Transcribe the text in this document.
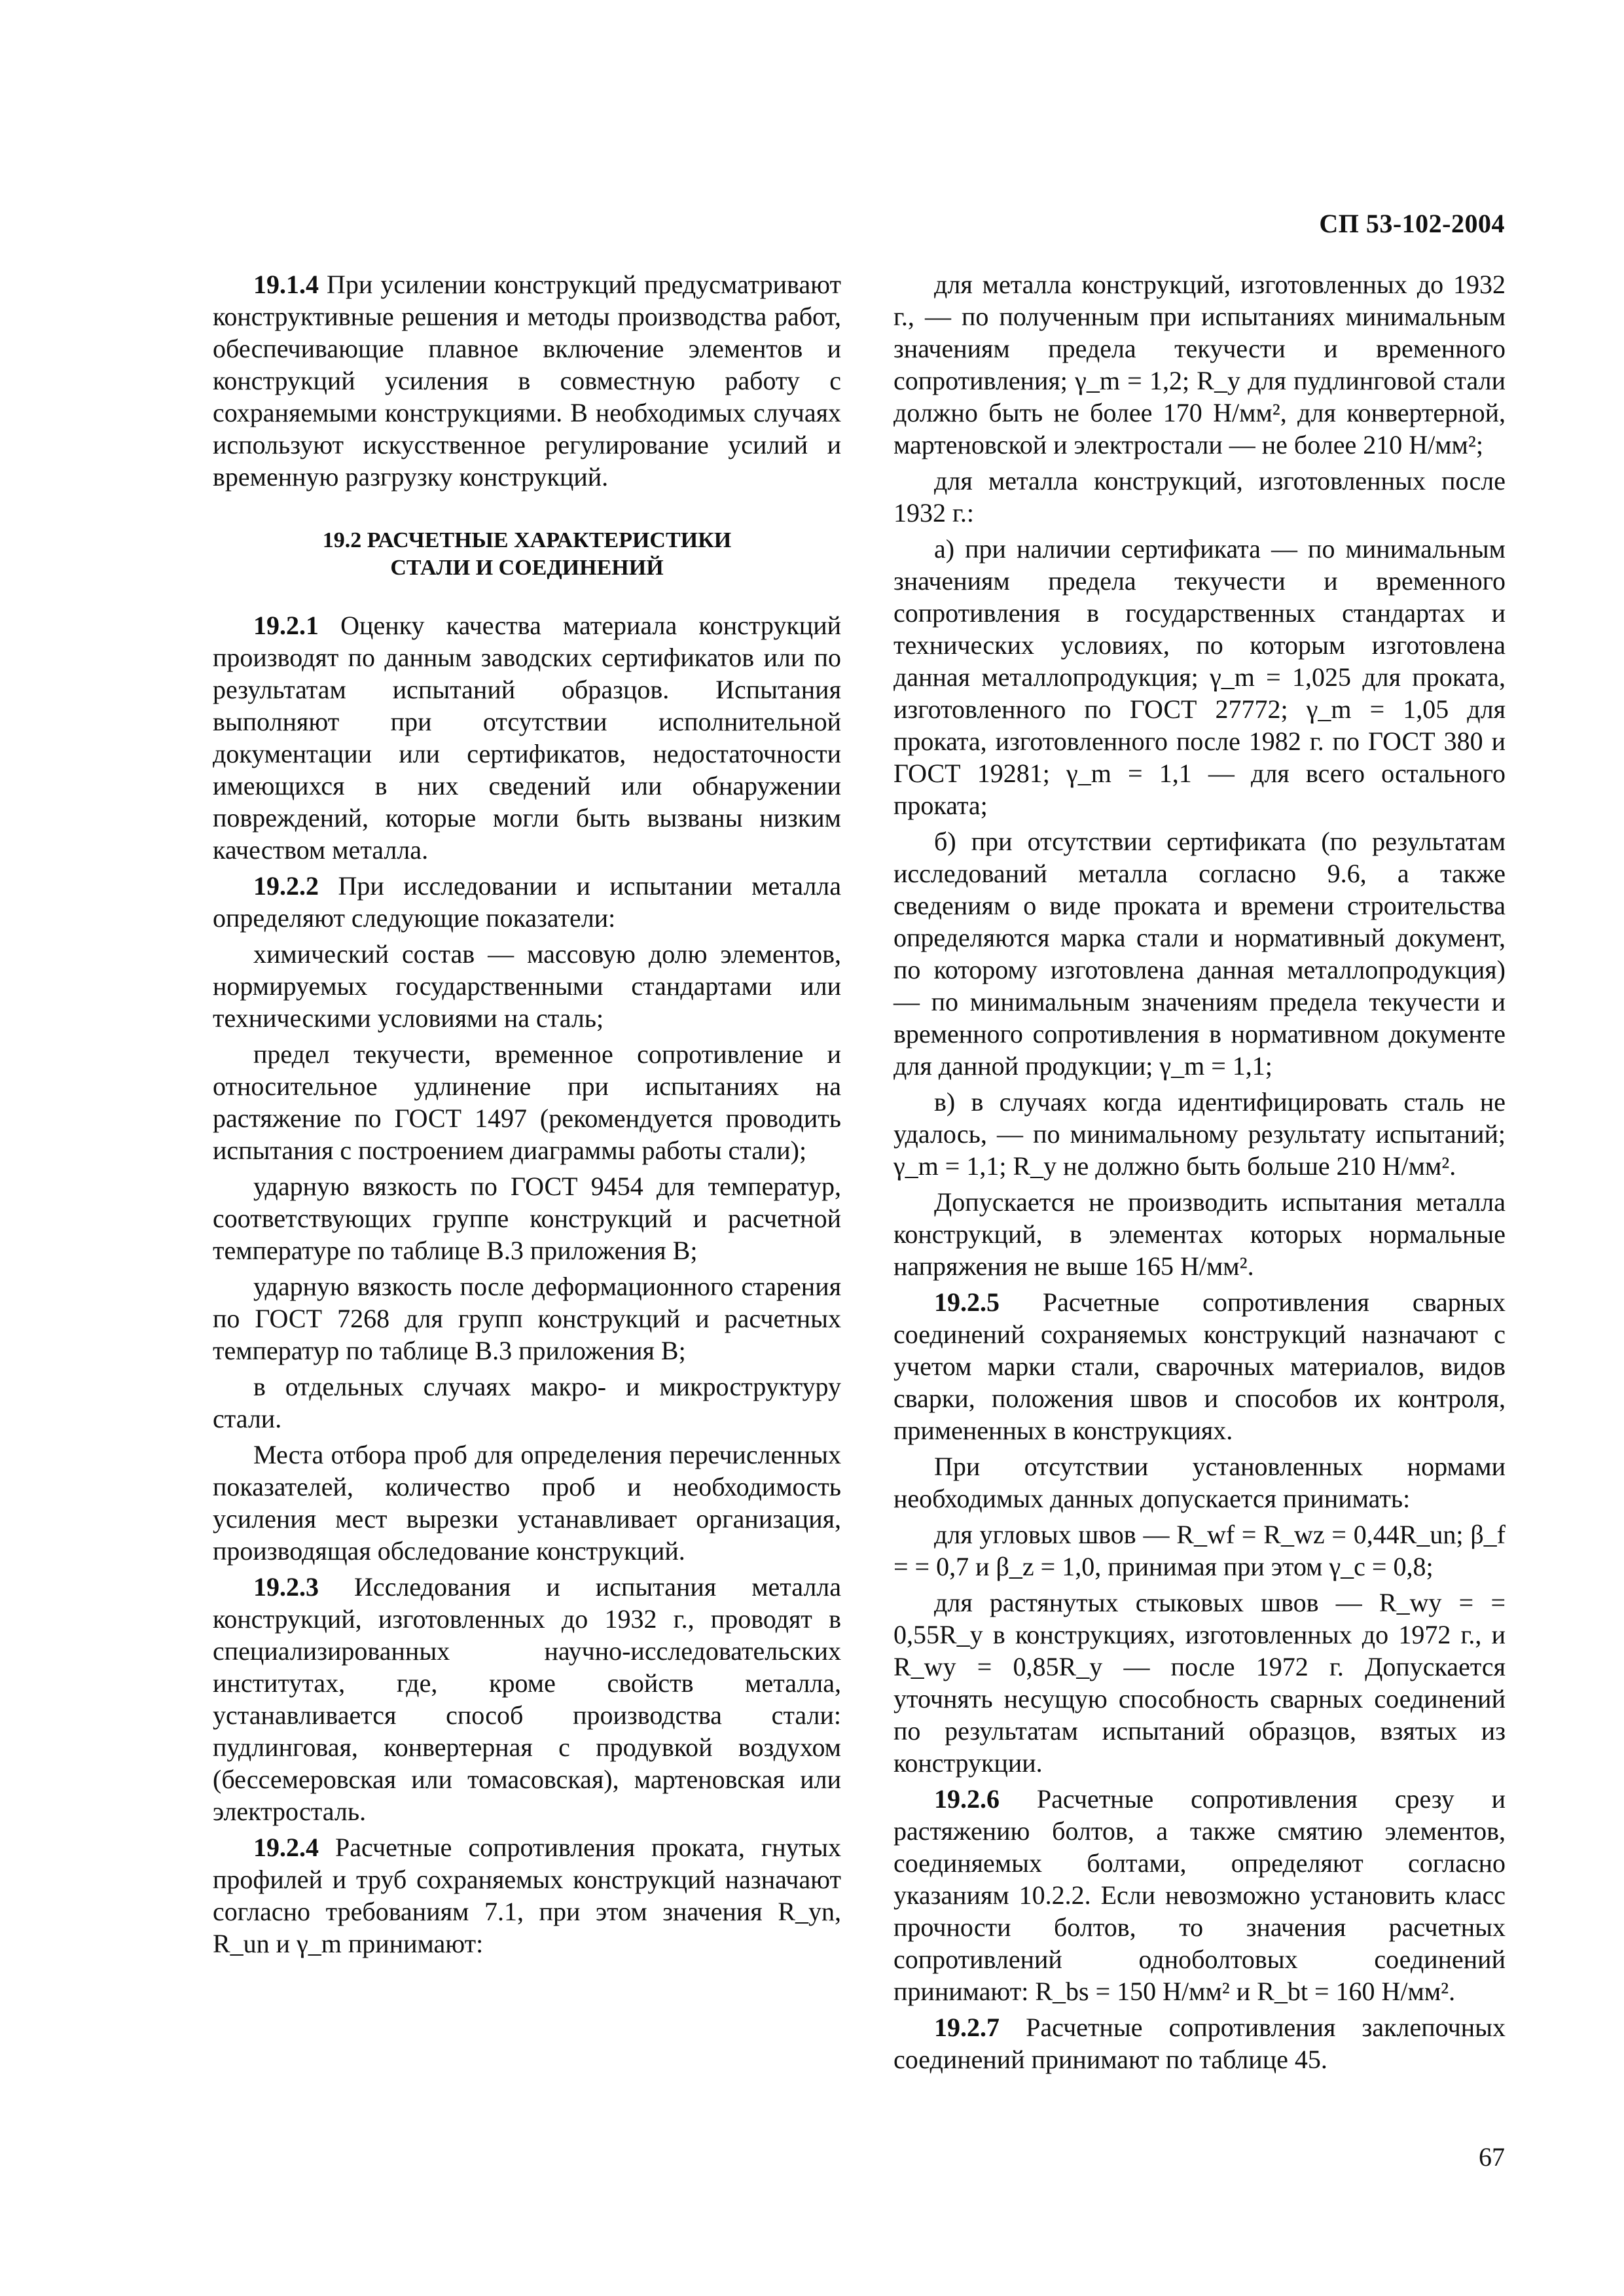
СП 53-102-2004

19.1.4 При усилении конструкций предусматривают конструктивные решения и методы производства работ, обеспечивающие плавное включение элементов и конструкций усиления в совместную работу с сохраняемыми конструкциями. В необходимых случаях используют искусственное регулирование усилий и временную разгрузку конструкций.

19.2 РАСЧЕТНЫЕ ХАРАКТЕРИСТИКИ
СТАЛИ И СОЕДИНЕНИЙ

19.2.1 Оценку качества материала конструкций производят по данным заводских сертификатов или по результатам испытаний образцов. Испытания выполняют при отсутствии исполнительной документации или сертификатов, недостаточности имеющихся в них сведений или обнаружении повреждений, которые могли быть вызваны низким качеством металла.

19.2.2 При исследовании и испытании металла определяют следующие показатели:

химический состав — массовую долю элементов, нормируемых государственными стандартами или техническими условиями на сталь;

предел текучести, временное сопротивление и относительное удлинение при испытаниях на растяжение по ГОСТ 1497 (рекомендуется проводить испытания с построением диаграммы работы стали);

ударную вязкость по ГОСТ 9454 для температур, соответствующих группе конструкций и расчетной температуре по таблице В.3 приложения В;

ударную вязкость после деформационного старения по ГОСТ 7268 для групп конструкций и расчетных температур по таблице В.3 приложения В;

в отдельных случаях макро- и микроструктуру стали.

Места отбора проб для определения перечисленных показателей, количество проб и необходимость усиления мест вырезки устанавливает организация, производящая обследование конструкций.

19.2.3 Исследования и испытания металла конструкций, изготовленных до 1932 г., проводят в специализированных научно-исследовательских институтах, где, кроме свойств металла, устанавливается способ производства стали: пудлинговая, конвертерная с продувкой воздухом (бессемеровская или томасовская), мартеновская или электросталь.

19.2.4 Расчетные сопротивления проката, гнутых профилей и труб сохраняемых конструкций назначают согласно требованиям 7.1, при этом значения R_yn, R_un и γ_m принимают:

для металла конструкций, изготовленных до 1932 г., — по полученным при испытаниях минимальным значениям предела текучести и временного сопротивления; γ_m = 1,2; R_y для пудлинговой стали должно быть не более 170 Н/мм², для конвертерной, мартеновской и электростали — не более 210 Н/мм²;

для металла конструкций, изготовленных после 1932 г.:

а) при наличии сертификата — по минимальным значениям предела текучести и временного сопротивления в государственных стандартах и технических условиях, по которым изготовлена данная металлопродукция; γ_m = 1,025 для проката, изготовленного по ГОСТ 27772; γ_m = 1,05 для проката, изготовленного после 1982 г. по ГОСТ 380 и ГОСТ 19281; γ_m = 1,1 — для всего остального проката;

б) при отсутствии сертификата (по результатам исследований металла согласно 9.6, а также сведениям о виде проката и времени строительства определяются марка стали и нормативный документ, по которому изготовлена данная металлопродукция) — по минимальным значениям предела текучести и временного сопротивления в нормативном документе для данной продукции; γ_m = 1,1;

в) в случаях когда идентифицировать сталь не удалось, — по минимальному результату испытаний; γ_m = 1,1; R_y не должно быть больше 210 Н/мм².

Допускается не производить испытания металла конструкций, в элементах которых нормальные напряжения не выше 165 Н/мм².

19.2.5 Расчетные сопротивления сварных соединений сохраняемых конструкций назначают с учетом марки стали, сварочных материалов, видов сварки, положения швов и способов их контроля, примененных в конструкциях.

При отсутствии установленных нормами необходимых данных допускается принимать:

для угловых швов — R_wf = R_wz = 0,44R_un; β_f = = 0,7 и β_z = 1,0, принимая при этом γ_c = 0,8;

для растянутых стыковых швов — R_wy = = 0,55R_y в конструкциях, изготовленных до 1972 г., и R_wy = 0,85R_y — после 1972 г. Допускается уточнять несущую способность сварных соединений по результатам испытаний образцов, взятых из конструкции.

19.2.6 Расчетные сопротивления срезу и растяжению болтов, а также смятию элементов, соединяемых болтами, определяют согласно указаниям 10.2.2. Если невозможно установить класс прочности болтов, то значения расчетных сопротивлений одноболтовых соединений принимают: R_bs = 150 Н/мм² и R_bt = 160 Н/мм².

19.2.7 Расчетные сопротивления заклепочных соединений принимают по таблице 45.

67
